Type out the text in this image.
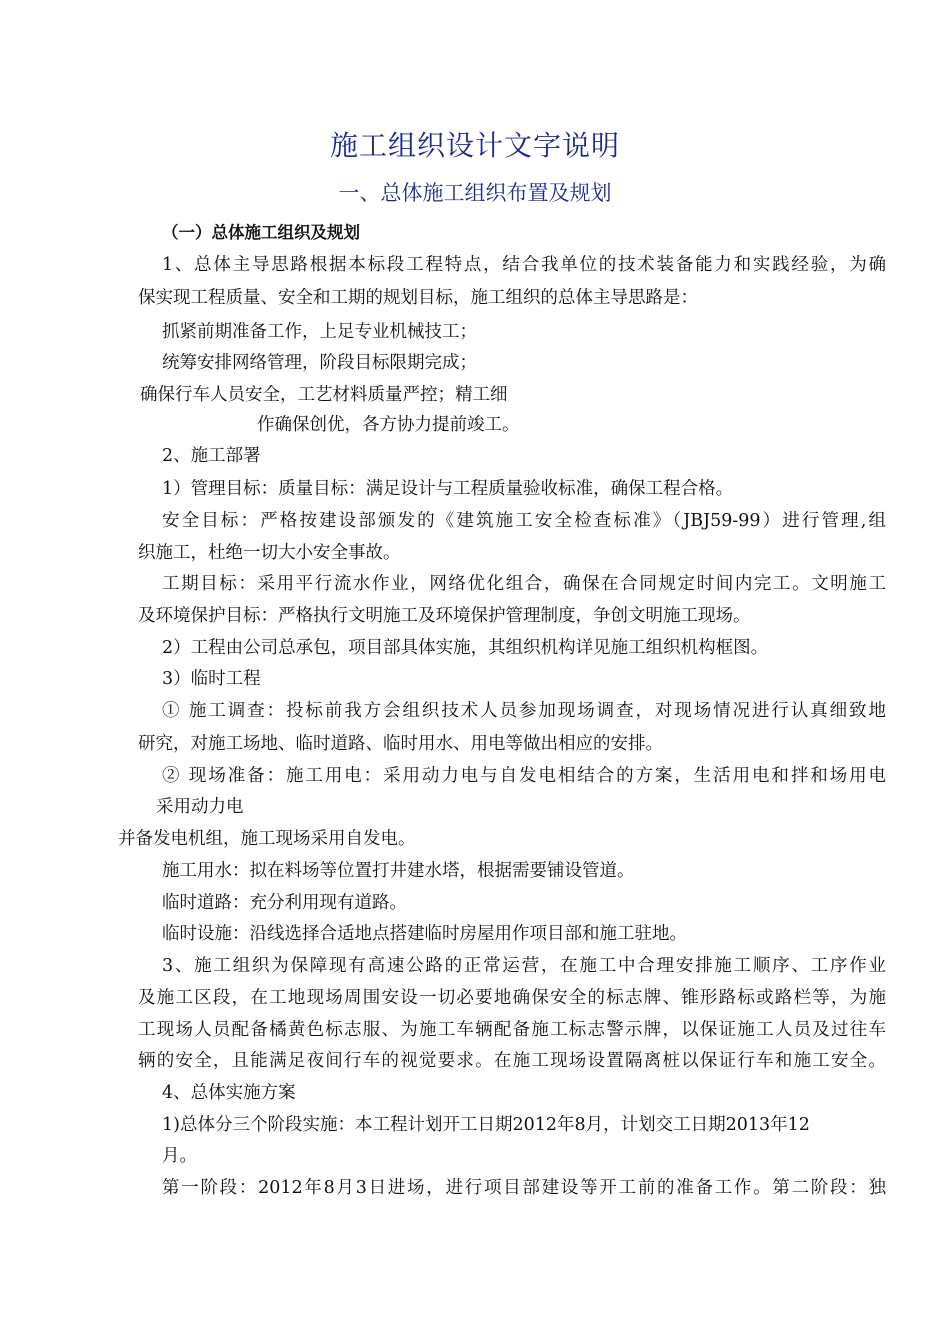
施工组织设计文字说明
一、总体施工组织布置及规划
（一）总体施工组织及规划
1、总体主导思路根据本标段工程特点，结合我单位的技术装备能力和实践经验，为确
保实现工程质量、安全和工期的规划目标，施工组织的总体主导思路是：
抓紧前期准备工作，上足专业机械技工；
统筹安排网络管理，阶段目标限期完成；
确保行车人员安全，工艺材料质量严控；精工细
作确保创优，各方协力提前竣工。
2、施工部署
1）管理目标：质量目标：满足设计与工程质量验收标准，确保工程合格。
安全目标：严格按建设部颁发的《建筑施工安全检查标准》（JBJ59-99）进行管理,组
织施工，杜绝一切大小安全事故。
工期目标：采用平行流水作业，网络优化组合，确保在合同规定时间内完工。文明施工
及环境保护目标：严格执行文明施工及环境保护管理制度，争创文明施工现场。
2）工程由公司总承包，项目部具体实施，其组织机构详见施工组织机构框图。
3）临时工程
① 施工调查：投标前我方会组织技术人员参加现场调查，对现场情况进行认真细致地
研究，对施工场地、临时道路、临时用水、用电等做出相应的安排。
② 现场准备：施工用电：采用动力电与自发电相结合的方案，生活用电和拌和场用电
采用动力电
并备发电机组，施工现场采用自发电。
施工用水：拟在料场等位置打井建水塔，根据需要铺设管道。
临时道路：充分利用现有道路。
临时设施：沿线选择合适地点搭建临时房屋用作项目部和施工驻地。
3、施工组织为保障现有高速公路的正常运营，在施工中合理安排施工顺序、工序作业
及施工区段，在工地现场周围安设一切必要地确保安全的标志牌、锥形路标或路栏等，为施
工现场人员配备橘黄色标志服、为施工车辆配备施工标志警示牌，以保证施工人员及过往车
辆的安全，且能满足夜间行车的视觉要求。在施工现场设置隔离桩以保证行车和施工安全。
4、总体实施方案
1)总体分三个阶段实施：本工程计划开工日期2012年8月，计划交工日期2013年12
月。
第一阶段：2012年8月3日进场，进行项目部建设等开工前的准备工作。第二阶段：独
